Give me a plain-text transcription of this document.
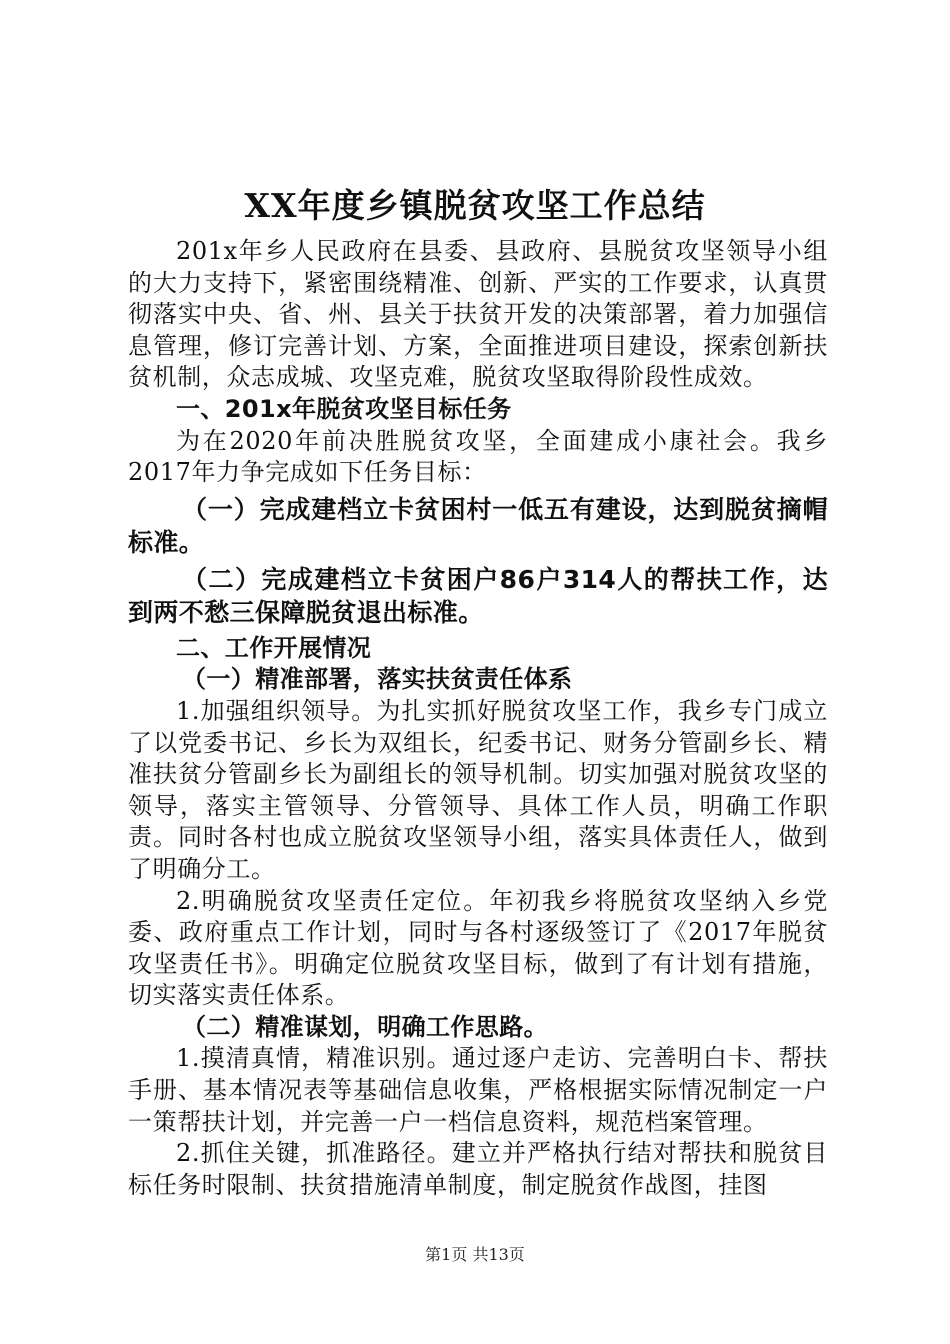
XX年度乡镇脱贫攻坚工作总结

201x年乡人民政府在县委、县政府、县脱贫攻坚领导小组的大力支持下，紧密围绕精准、创新、严实的工作要求，认真贯彻落实中央、省、州、县关于扶贫开发的决策部署，着力加强信息管理，修订完善计划、方案，全面推进项目建设，探索创新扶贫机制，众志成城、攻坚克难，脱贫攻坚取得阶段性成效。

一、201x年脱贫攻坚目标任务

为在2020年前决胜脱贫攻坚，全面建成小康社会。我乡2017年力争完成如下任务目标：

（一）完成建档立卡贫困村一低五有建设，达到脱贫摘帽标准。

（二）完成建档立卡贫困户86户314人的帮扶工作，达到两不愁三保障脱贫退出标准。

二、工作开展情况

（一）精准部署，落实扶贫责任体系

1.加强组织领导。为扎实抓好脱贫攻坚工作，我乡专门成立了以党委书记、乡长为双组长，纪委书记、财务分管副乡长、精准扶贫分管副乡长为副组长的领导机制。切实加强对脱贫攻坚的领导，落实主管领导、分管领导、具体工作人员，明确工作职责。同时各村也成立脱贫攻坚领导小组，落实具体责任人，做到了明确分工。

2.明确脱贫攻坚责任定位。年初我乡将脱贫攻坚纳入乡党委、政府重点工作计划，同时与各村逐级签订了《2017年脱贫攻坚责任书》。明确定位脱贫攻坚目标，做到了有计划有措施，切实落实责任体系。

（二）精准谋划，明确工作思路。

1.摸清真情，精准识别。通过逐户走访、完善明白卡、帮扶手册、基本情况表等基础信息收集，严格根据实际情况制定一户一策帮扶计划，并完善一户一档信息资料，规范档案管理。

2.抓住关键，抓准路径。建立并严格执行结对帮扶和脱贫目标任务时限制、扶贫措施清单制度，制定脱贫作战图，挂图

第1页 共13页
